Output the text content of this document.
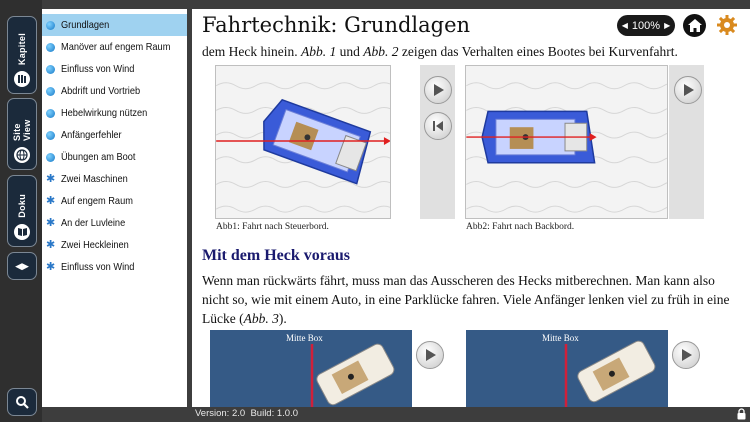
Kapitel
Site View
Doku
◀▶
Grundlagen
Manöver auf engem Raum
Einfluss von Wind
Abdrift und Vortrieb
Hebelwirkung nützen
Anfängerfehler
Übungen am Boot
✱ Zwei Maschinen
✱ Auf engem Raum
✱ An der Luvleine
✱ Zwei Heckleinen
✱ Einfluss von Wind
Fahrtechnik: Grundlagen	◀ 100% ▶
dem Heck hinein. Abb. 1 und Abb. 2 zeigen das Verhalten eines Bootes bei Kurvenfahrt.
Abb1: Fahrt nach Steuerbord.	Abb2: Fahrt nach Backbord.
Mit dem Heck voraus
Wenn man rückwärts fährt, muss man das Ausscheren des Hecks mitberechnen. Man kann also nicht so, wie mit einem Auto, in eine Parklücke fahren. Viele Anfänger lenken viel zu früh in eine Lücke (Abb. 3).
Mitte Box	Mitte Box
Version: 2.0 Build: 1.0.0
